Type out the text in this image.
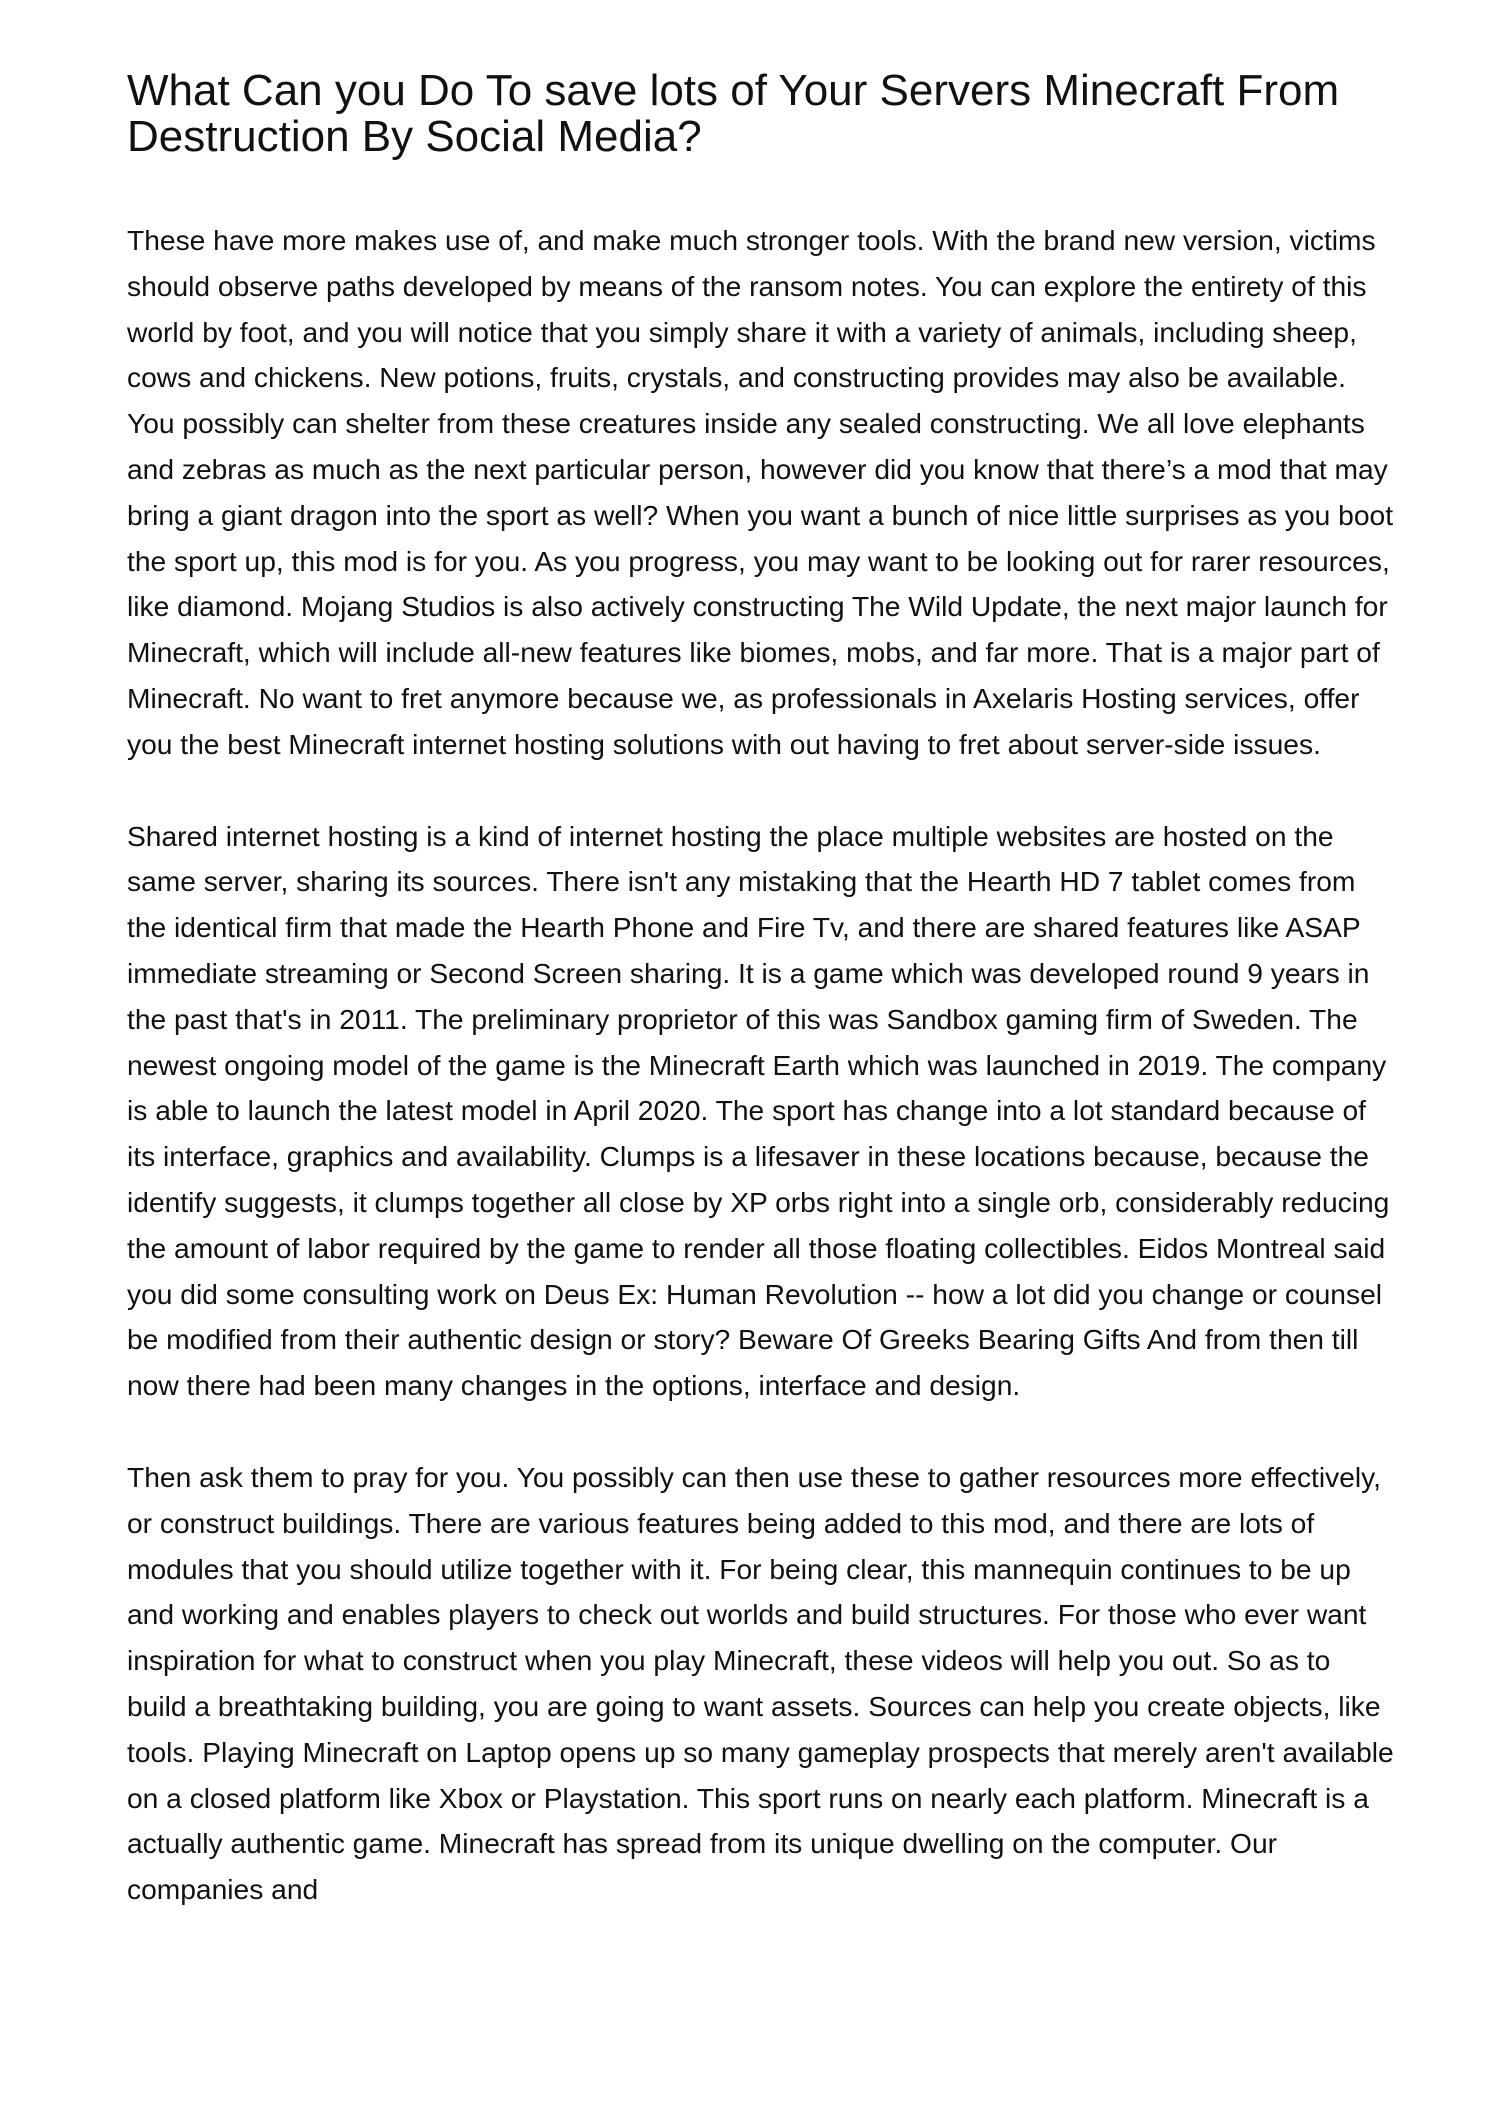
What Can you Do To save lots of Your Servers Minecraft From Destruction By Social Media?

These have more makes use of, and make much stronger tools. With the brand new version, victims should observe paths developed by means of the ransom notes. You can explore the entirety of this world by foot, and you will notice that you simply share it with a variety of animals, including sheep, cows and chickens. New potions, fruits, crystals, and constructing provides may also be available. You possibly can shelter from these creatures inside any sealed constructing. We all love elephants and zebras as much as the next particular person, however did you know that there’s a mod that may bring a giant dragon into the sport as well? When you want a bunch of nice little surprises as you boot the sport up, this mod is for you. As you progress, you may want to be looking out for rarer resources, like diamond. Mojang Studios is also actively constructing The Wild Update, the next major launch for Minecraft, which will include all-new features like biomes, mobs, and far more. That is a major part of Minecraft. No want to fret anymore because we, as professionals in Axelaris Hosting services, offer you the best Minecraft internet hosting solutions with out having to fret about server-side issues.

Shared internet hosting is a kind of internet hosting the place multiple websites are hosted on the same server, sharing its sources. There isn't any mistaking that the Hearth HD 7 tablet comes from the identical firm that made the Hearth Phone and Fire Tv, and there are shared features like ASAP immediate streaming or Second Screen sharing. It is a game which was developed round 9 years in the past that's in 2011. The preliminary proprietor of this was Sandbox gaming firm of Sweden. The newest ongoing model of the game is the Minecraft Earth which was launched in 2019. The company is able to launch the latest model in April 2020. The sport has change into a lot standard because of its interface, graphics and availability. Clumps is a lifesaver in these locations because, because the identify suggests, it clumps together all close by XP orbs right into a single orb, considerably reducing the amount of labor required by the game to render all those floating collectibles. Eidos Montreal said you did some consulting work on Deus Ex: Human Revolution -- how a lot did you change or counsel be modified from their authentic design or story? Beware Of Greeks Bearing Gifts And from then till now there had been many changes in the options, interface and design.

Then ask them to pray for you. You possibly can then use these to gather resources more effectively, or construct buildings. There are various features being added to this mod, and there are lots of modules that you should utilize together with it. For being clear, this mannequin continues to be up and working and enables players to check out worlds and build structures. For those who ever want inspiration for what to construct when you play Minecraft, these videos will help you out. So as to build a breathtaking building, you are going to want assets. Sources can help you create objects, like tools. Playing Minecraft on Laptop opens up so many gameplay prospects that merely aren't available on a closed platform like Xbox or Playstation. This sport runs on nearly each platform. Minecraft is a actually authentic game. Minecraft has spread from its unique dwelling on the computer. Our companies and
